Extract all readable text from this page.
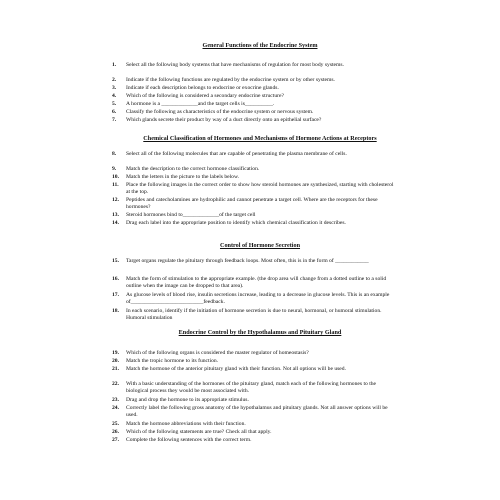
General Functions of the Endocrine System
1.	Select all the following body systems that have mechanisms of regulation for most body systems.
2.	Indicate if the following functions are regulated by the endocrine system or by other systems.
3.	Indicate if each description belongs to endocrine or exocrine glands.
4.	Which of the following is considered a secondary endocrine structure?
5.	A hormone is a _____________and the target cells is__________.
6.	Classify the following as characteristics of the endocrine system or nervous system.
7.	Which glands secrete their product by way of a duct directly onto an epithelial surface?
Chemical Classification of Hormones and Mechanisms of Hormone Actions at Receptors
8.	Select all of the following molecules that are capable of penetrating the plasma membrane of cells.
9.	Match the description to the correct hormone classification.
10.	Match the letters in the picture to the labels below.
11.	Place the following images in the correct order to show how steroid hormones are synthesized, starting with cholesterol at the top.
12.	Peptides and catecholamines are hydrophilic and cannot penetrate a target cell. Where are the receptors for these hormones?
13.	Steroid hormones bind to_____________of the target cell
14.	Drag each label into the appropriate position to identify which chemical classification it describes.
Control of Hormone Secretion
15.	Target organs regulate the pituitary through feedback loops. Most often, this is in the form of ____________
16.	Match the form of stimulation to the appropriate example. (the drop area will change from a dotted outline to a solid outline when the image can be dropped to that area).
17.	As glucose levels of blood rise, insulin secretions increase, leading to a decrease in glucose levels. This is an example of__________________________feedback.
18.	In each scenario, identify if the initiation of hormone secretion is due to neural, hormonal, or humoral stimulation. Humoral stimulation
Endocrine Control by the Hypothalamus and Pituitary Gland
19.	Which of the following organs is considered the master regulator of homeostasis?
20.	Match the tropic hormone to its function.
21.	Match the hormone of the anterior pituitary gland with their function. Not all options will be used.
22.	With a basic understanding of the hormones of the pituitary gland, match each of the following hormones to the biological process they would be most associated with.
23.	Drag and drop the hormone to its appropriate stimulus.
24.	Correctly label the following gross anatomy of the hypothalamus and pituitary glands. Not all answer options will be used.
25.	Match the hormone abbreviations with their function.
26.	Which of the following statements are true? Check all that apply.
27.	Complete the following sentences with the correct term.
